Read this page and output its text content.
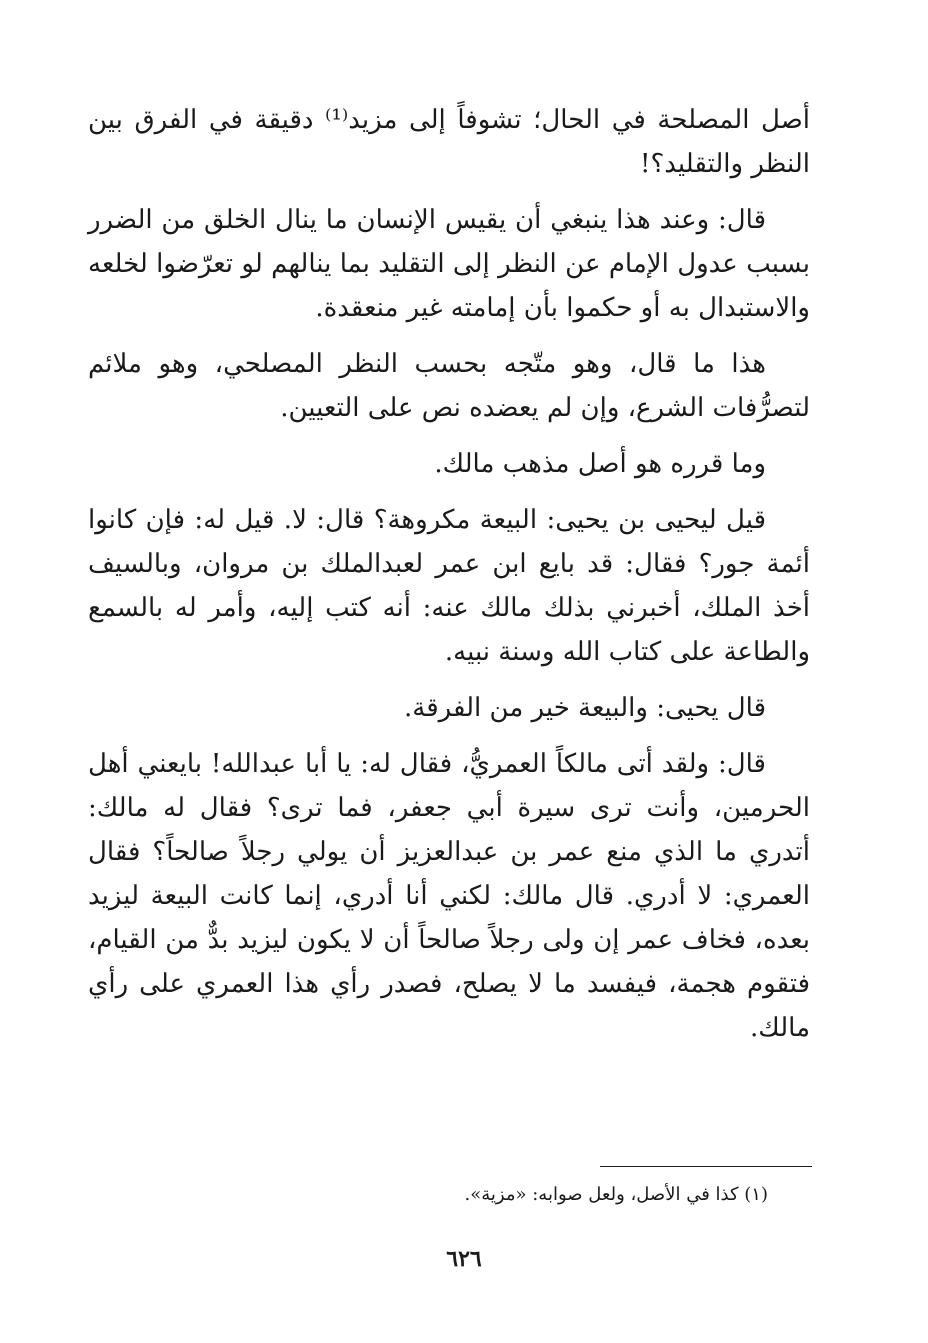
أصل المصلحة في الحال؛ تشوفاً إلى مزيد⁽¹⁾ دقيقة في الفرق بين النظر والتقليد؟!

قال: وعند هذا ينبغي أن يقيس الإنسان ما ينال الخلق من الضرر بسبب عدول الإمام عن النظر إلى التقليد بما ينالهم لو تعرّضوا لخلعه والاستبدال به أو حكموا بأن إمامته غير منعقدة.

هذا ما قال، وهو متّجه بحسب النظر المصلحي، وهو ملائم لتصرُّفات الشرع، وإن لم يعضده نص على التعيين.

وما قرره هو أصل مذهب مالك.

قيل ليحيى بن يحيى: البيعة مكروهة؟ قال: لا. قيل له: فإن كانوا أئمة جور؟ فقال: قد بايع ابن عمر لعبدالملك بن مروان، وبالسيف أخذ الملك، أخبرني بذلك مالك عنه: أنه كتب إليه، وأمر له بالسمع والطاعة على كتاب الله وسنة نبيه.

قال يحيى: والبيعة خير من الفرقة.

قال: ولقد أتى مالكاً العمريُّ، فقال له: يا أبا عبدالله! بايعني أهل الحرمين، وأنت ترى سيرة أبي جعفر، فما ترى؟ فقال له مالك: أتدري ما الذي منع عمر بن عبدالعزيز أن يولي رجلاً صالحاً؟ فقال العمري: لا أدري. قال مالك: لكني أنا أدري، إنما كانت البيعة ليزيد بعده، فخاف عمر إن ولى رجلاً صالحاً أن لا يكون ليزيد بدٌّ من القيام، فتقوم هجمة، فيفسد ما لا يصلح، فصدر رأي هذا العمري على رأي مالك.

(١) كذا في الأصل، ولعل صوابه: «مزية».
٦٢٦
